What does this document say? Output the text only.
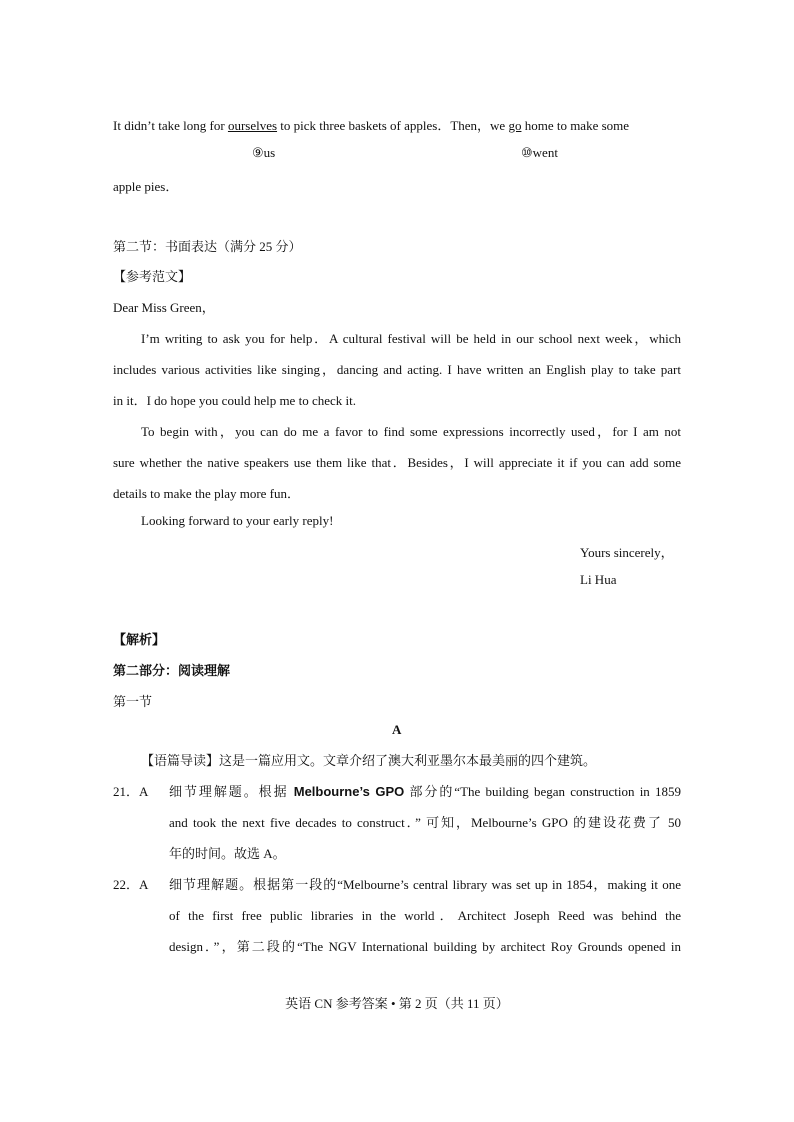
It didn’t take long for ourselves to pick three baskets of apples．Then，we go home to make some
⑨us	⑩went
apple pies．
第二节：书面表达（满分 25 分）
【参考范文】
Dear Miss Green，
I’m writing to ask you for help．A cultural festival will be held in our school next week，which
includes various activities like singing，dancing and acting. I have written an English play to take part
in it．I do hope you could help me to check it.
To begin with，you can do me a favor to find some expressions incorrectly used，for I am not
sure whether the native speakers use them like that．Besides，I will appreciate it if you can add some
details to make the play more fun．
Looking forward to your early reply!
Yours sincerely，
Li Hua
【解析】
第二部分：阅读理解
第一节
A
【语篇导读】这是一篇应用文。文章介绍了澳大利亚墨尔本最美丽的四个建筑。
21．A 细节理解题。根据 Melbourne’s GPO 部分的“The building began construction in 1859
and took the next five decades to construct．” 可知，Melbourne’s GPO 的建设花费了 50
年的时间。故选 A。
22．A 细节理解题。根据第一段的“Melbourne’s central library was set up in 1854，making it one
of the first free public libraries in the world．Architect Joseph Reed was behind the
design．”，第二段的“The NGV International building by architect Roy Grounds opened in
英语 CN 参考答案 • 第 2 页（共 11 页）
